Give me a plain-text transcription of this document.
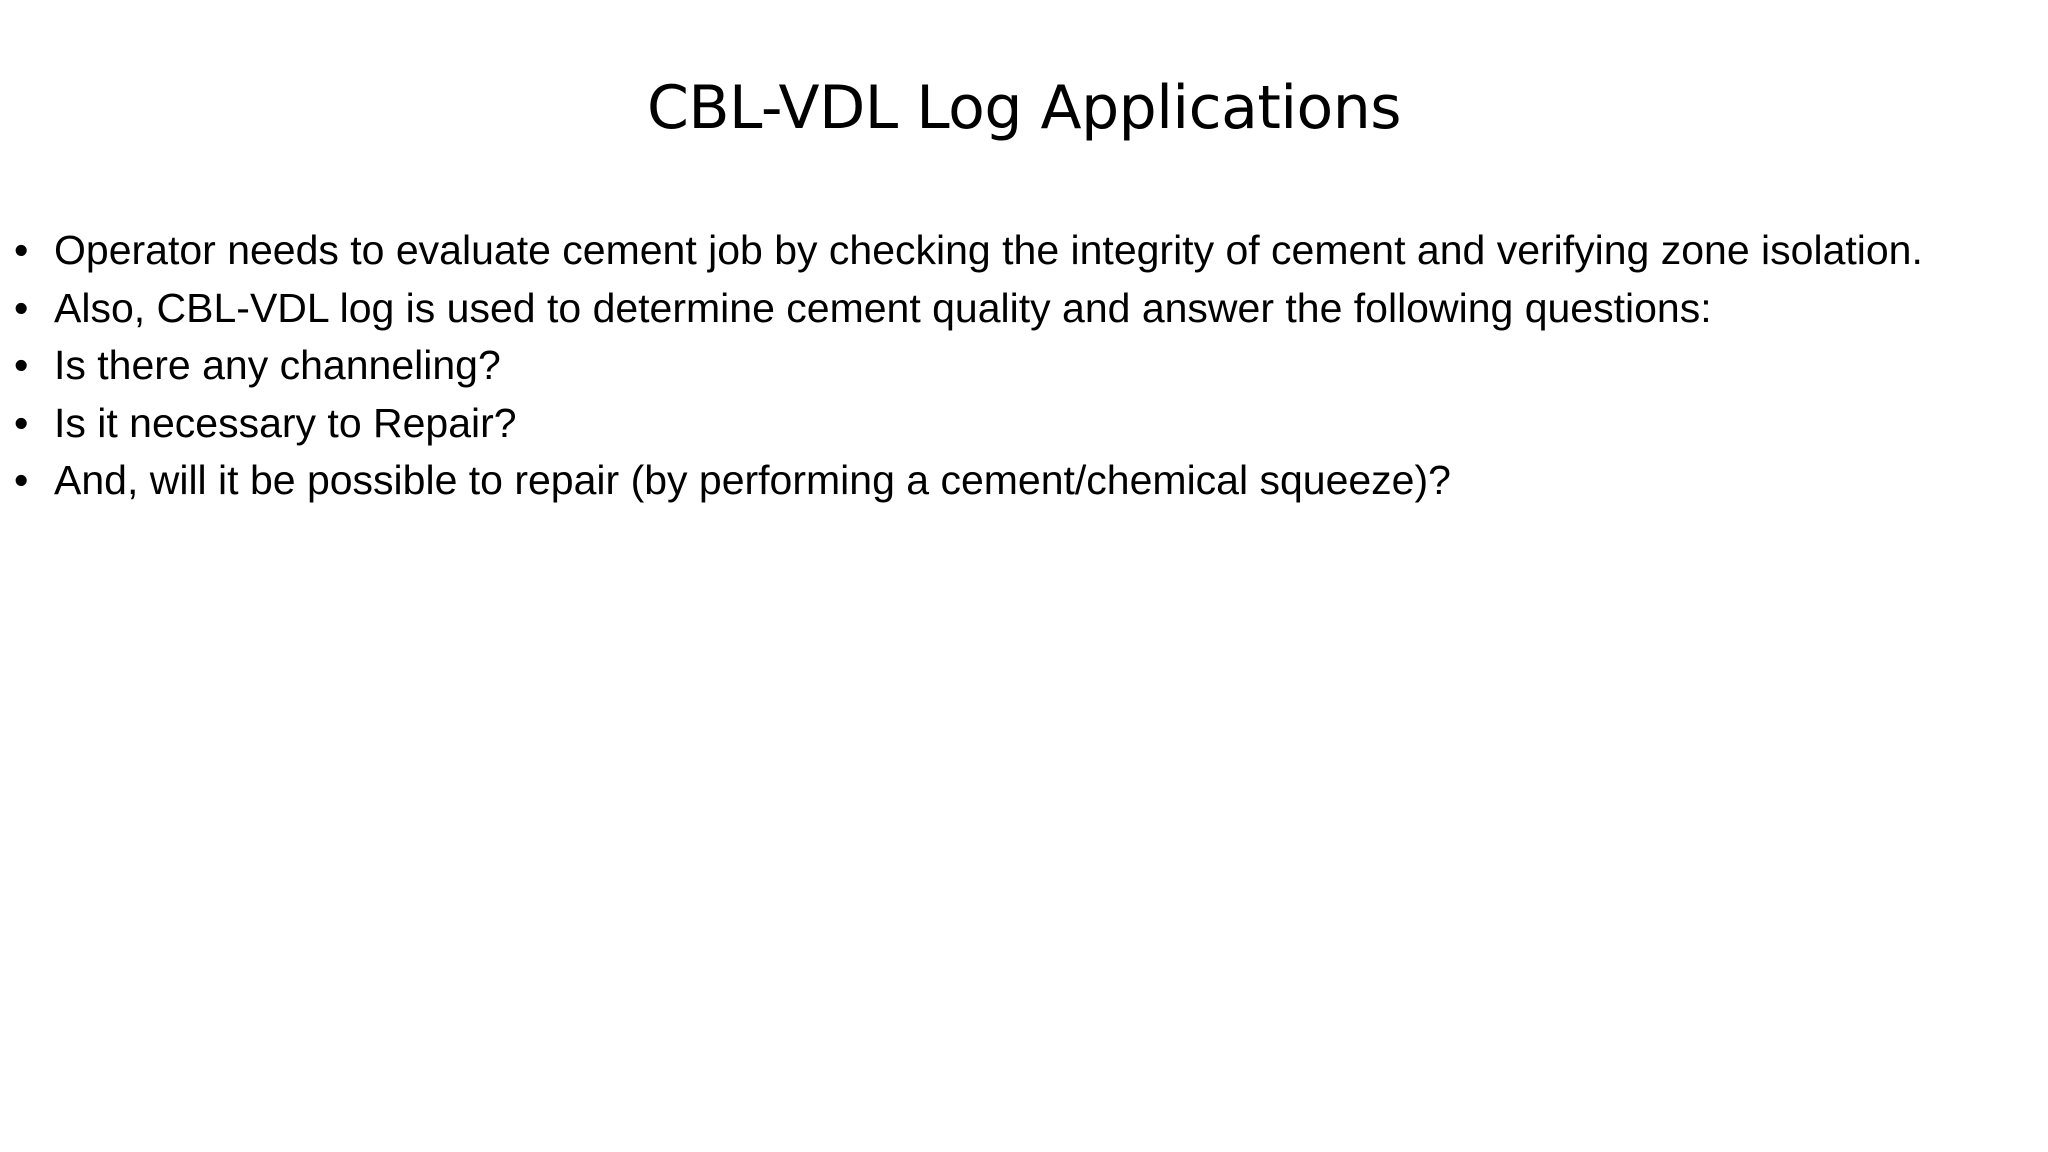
CBL-VDL Log Applications
• Operator needs to evaluate cement job by checking the integrity of cement and verifying zone isolation.
• Also, CBL-VDL log is used to determine cement quality and answer the following questions:
• Is there any channeling?
• Is it necessary to Repair?
• And, will it be possible to repair (by performing a cement/chemical squeeze)?
